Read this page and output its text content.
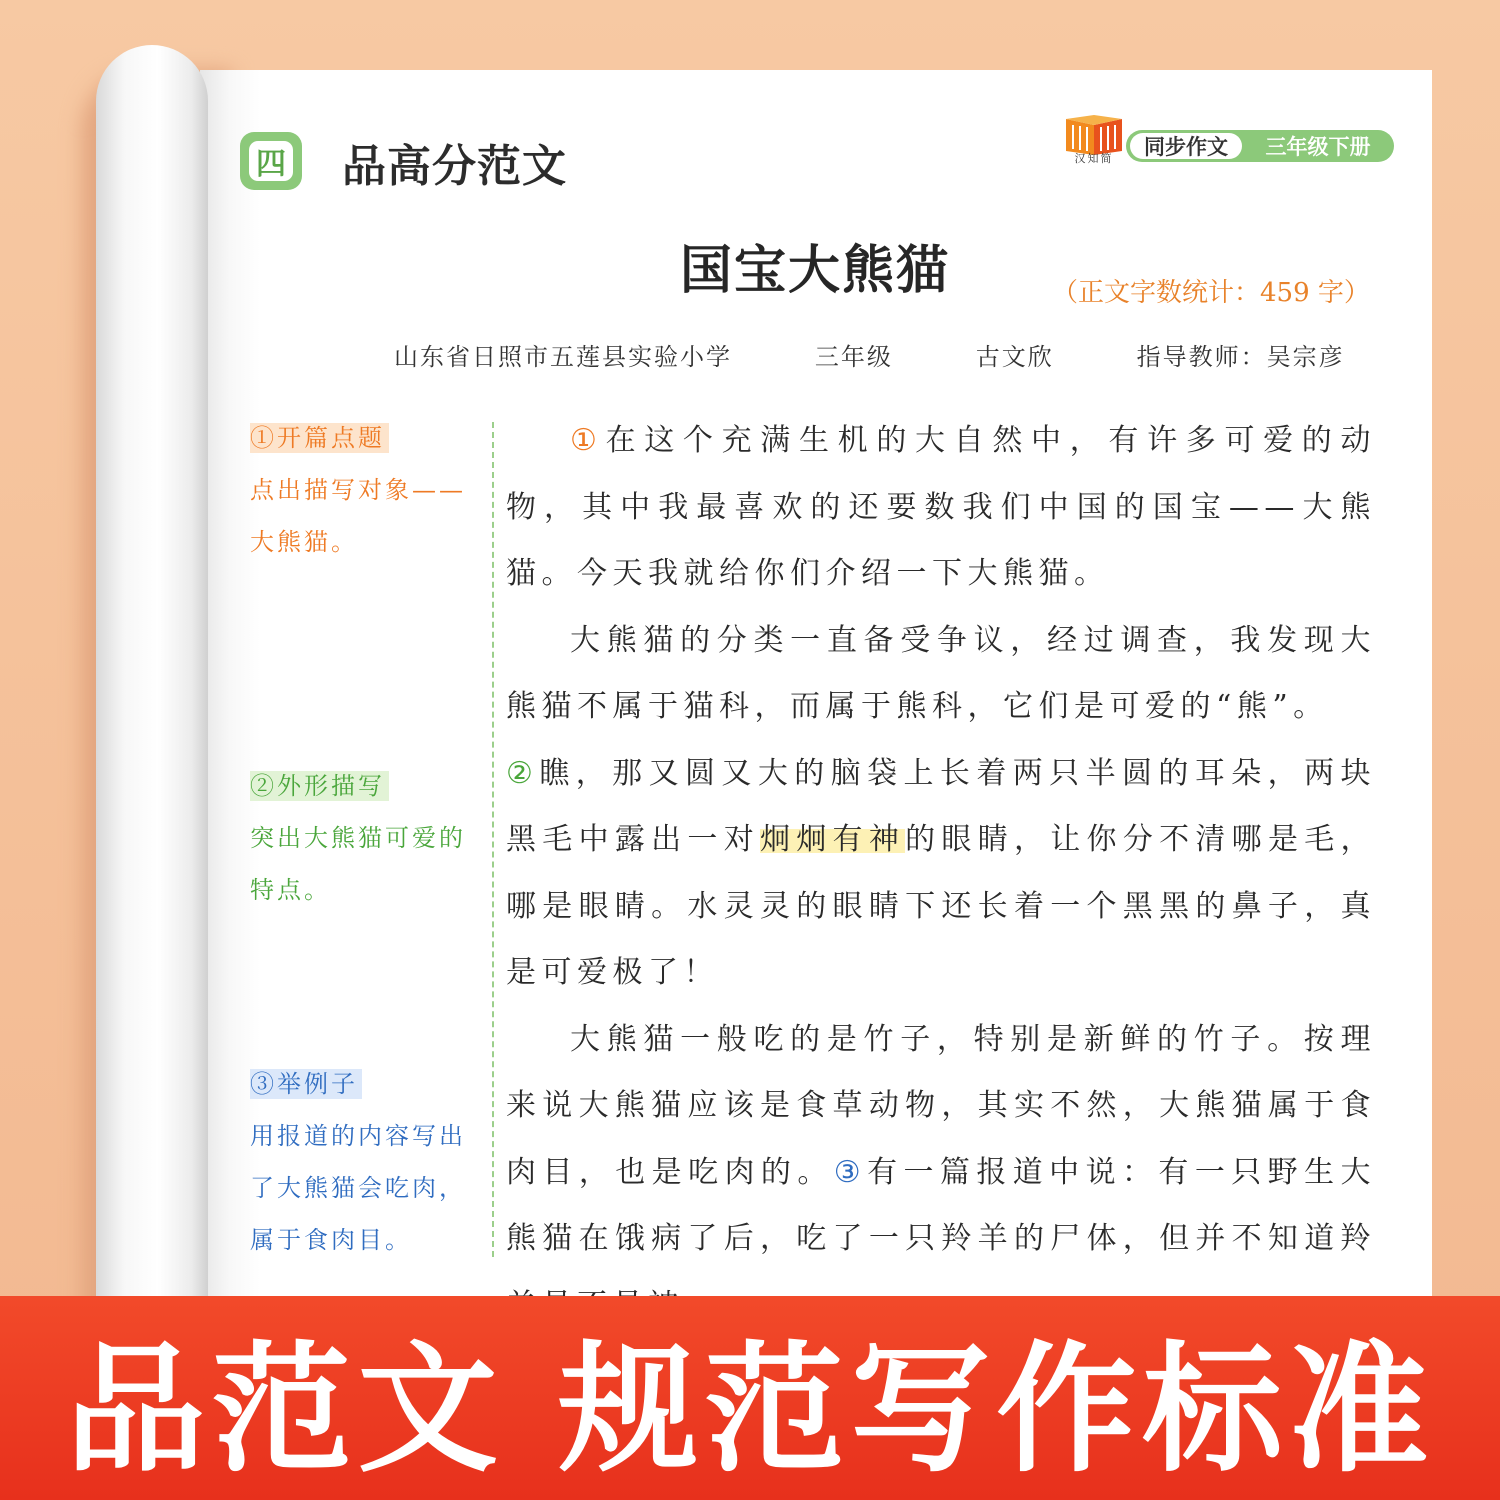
四 品高分范文	汉知简	同步作文	三年级下册
国宝大熊猫	（正文字数统计：459 字）
山东省日照市五莲县实验小学   三年级   古文欣   指导教师：吴宗彦
①开篇点题
点出描写对象——大熊猫。
②外形描写
突出大熊猫可爱的特点。
③举例子
用报道的内容写出了大熊猫会吃肉，属于食肉目。

①在这个充满生机的大自然中，有许多可爱的动物，其中我最喜欢的还要数我们中国的国宝——大熊猫。今天我就给你们介绍一下大熊猫。

大熊猫的分类一直备受争议，经过调查，我发现大熊猫不属于猫科，而属于熊科，它们是可爱的“熊”。
②瞧，那又圆又大的脑袋上长着两只半圆的耳朵，两块黑毛中露出一对炯炯有神的眼睛，让你分不清哪是毛，哪是眼睛。水灵灵的眼睛下还长着一个黑黑的鼻子，真是可爱极了！

大熊猫一般吃的是竹子，特别是新鲜的竹子。按理来说大熊猫应该是食草动物，其实不然，大熊猫属于食肉目，也是吃肉的。③有一篇报道中说：有一只野生大熊猫在饿病了后，吃了一只羚羊的尸体，但并不知道羚

品范文 规范写作标准
